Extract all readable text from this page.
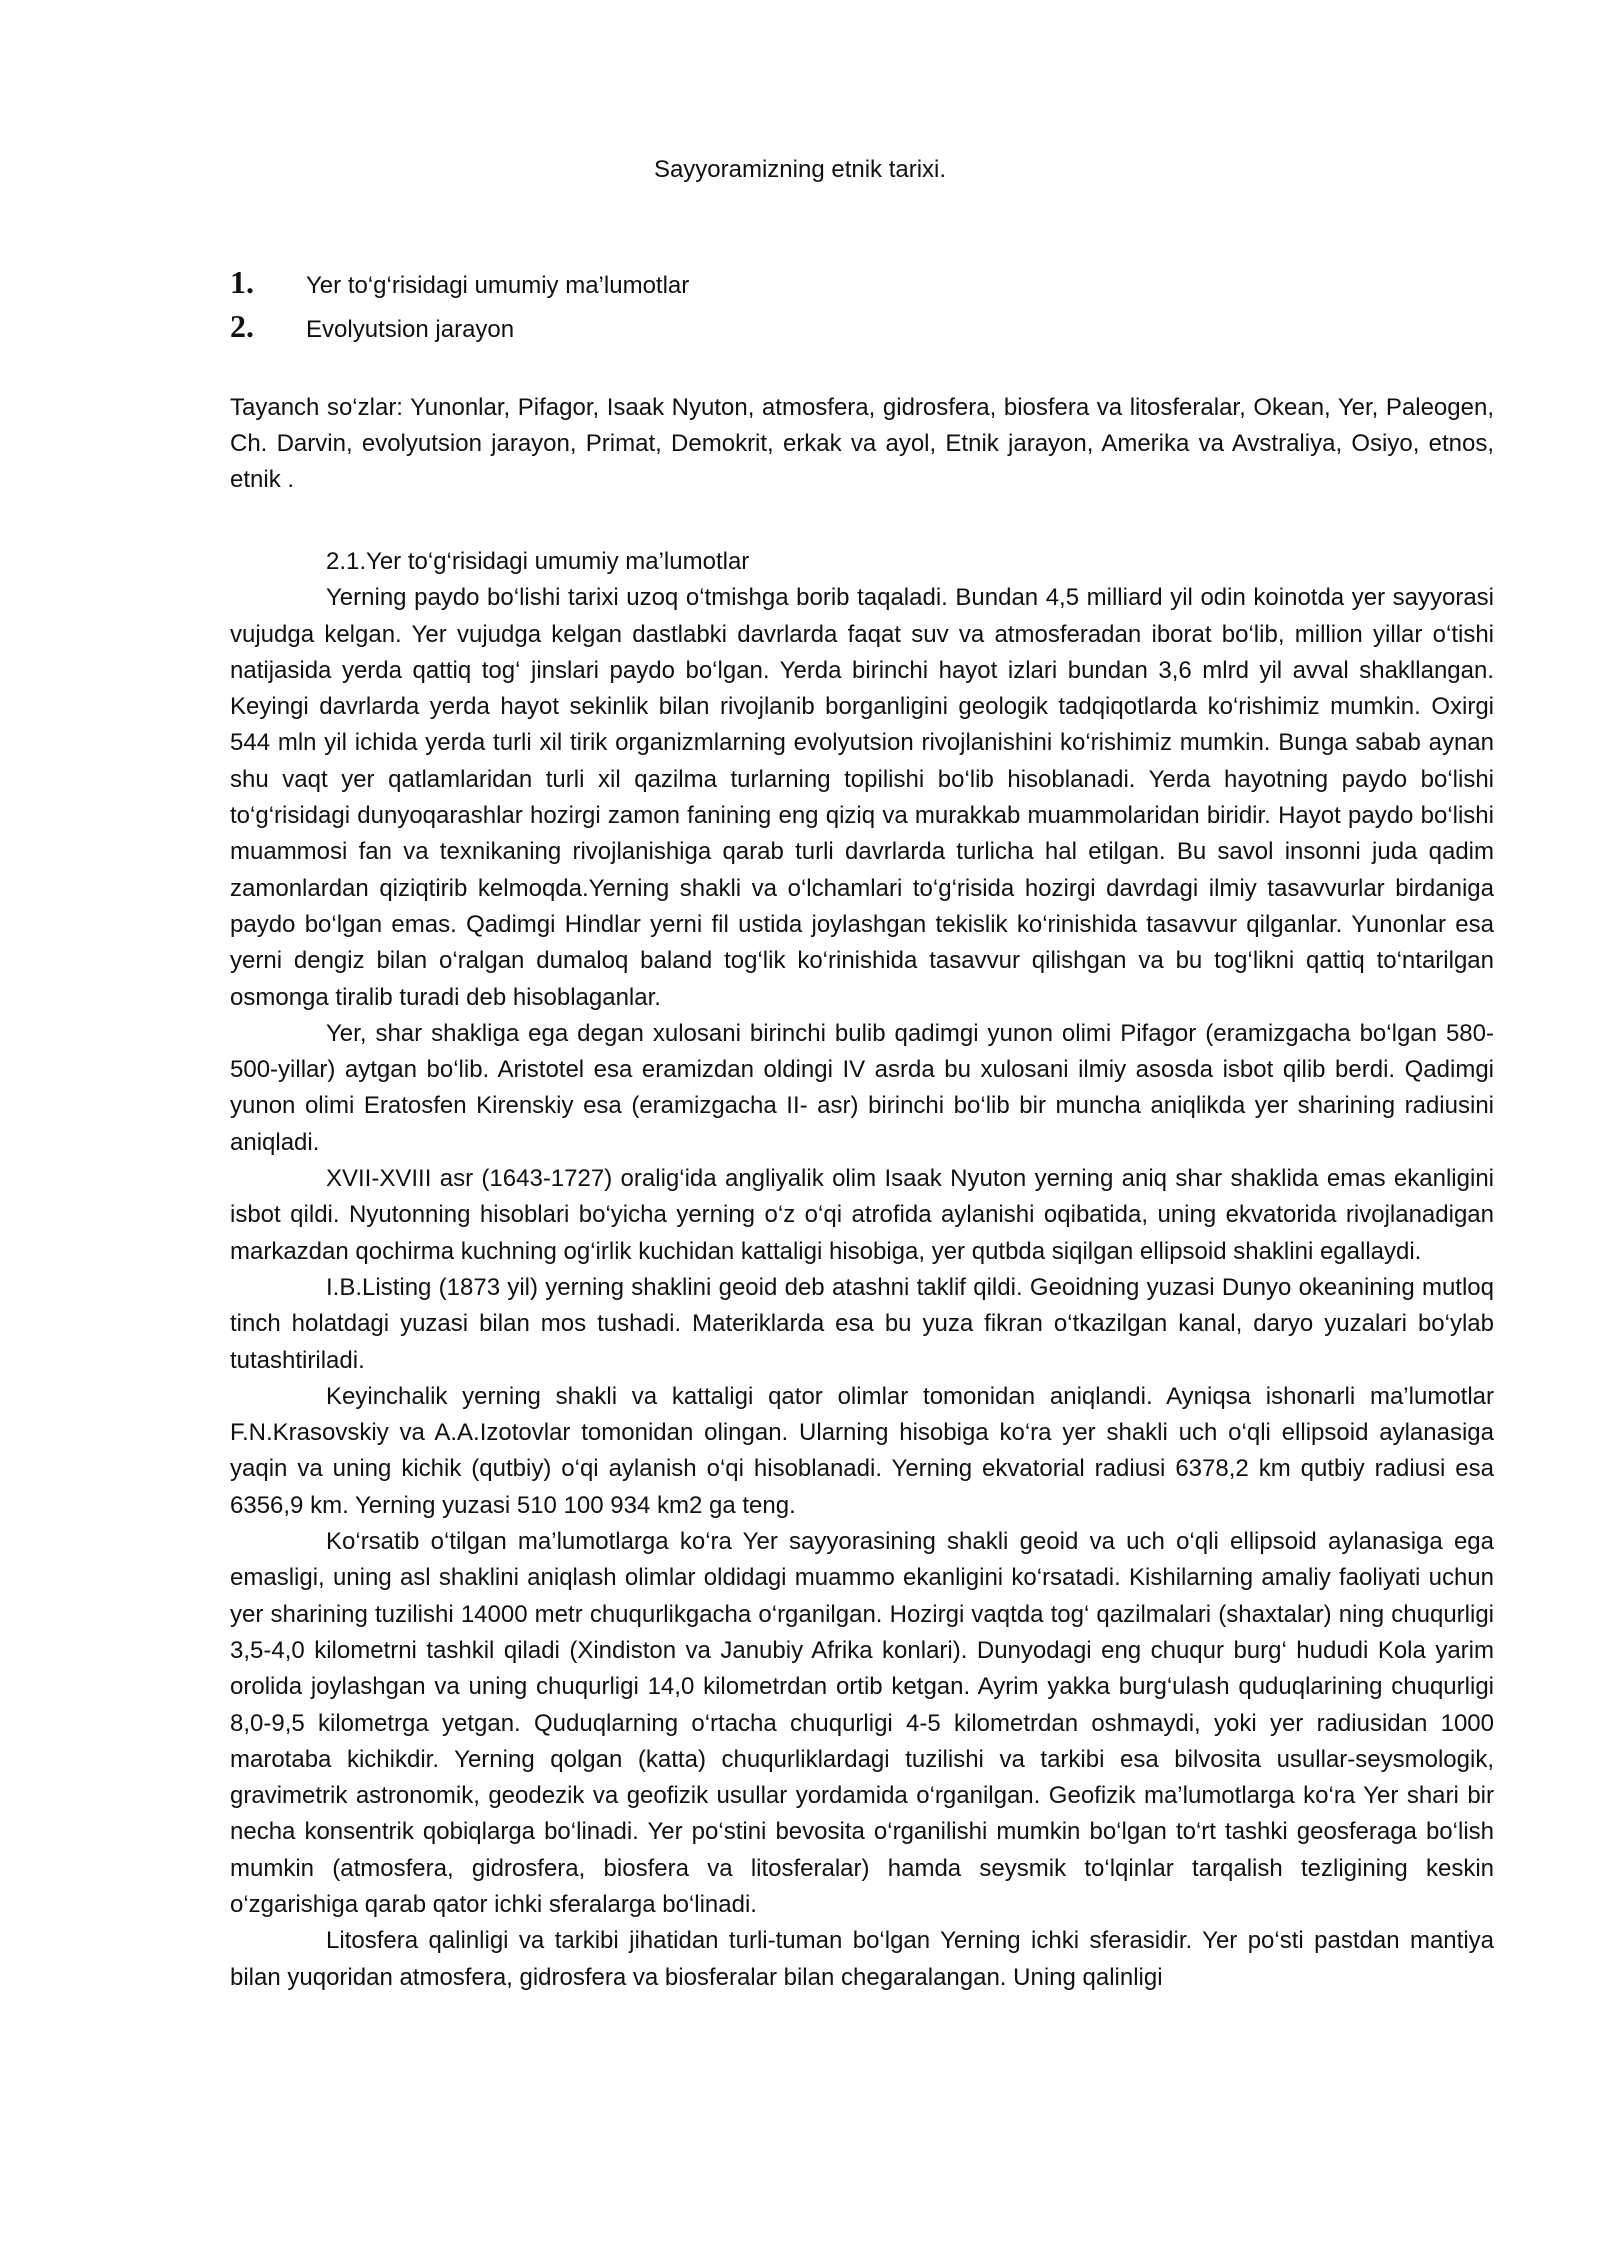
Sayyoramizning etnik tarixi.
1.	Yer to‘g‘risidagi umumiy ma’lumotlar
2.	Evolyutsion jarayon

Tayanch so‘zlar: Yunonlar, Pifagor, Isaak Nyuton, atmosfera, gidrosfera, biosfera va litosferalar, Okean, Yer, Paleogen, Ch. Darvin, evolyutsion jarayon, Primat, Demokrit, erkak va ayol, Etnik jarayon, Amerika va Avstraliya, Osiyo, etnos, etnik .

2.1.Yer to‘g‘risidagi umumiy ma’lumotlar

Yerning paydo bo‘lishi tarixi uzoq o‘tmishga borib taqaladi. Bundan 4,5 milliard yil odin koinotda yer sayyorasi vujudga kelgan. Yer vujudga kelgan dastlabki davrlarda faqat suv va atmosferadan iborat bo‘lib, million yillar o‘tishi natijasida yerda qattiq tog‘ jinslari paydo bo‘lgan. Yerda birinchi hayot izlari bundan 3,6 mlrd yil avval shakllangan. Keyingi davrlarda yerda hayot sekinlik bilan rivojlanib borganligini geologik tadqiqotlarda ko‘rishimiz mumkin. Oxirgi 544 mln yil ichida yerda turli xil tirik organizmlarning evolyutsion rivojlanishini ko‘rishimiz mumkin. Bunga sabab aynan shu vaqt yer qatlamlaridan turli xil qazilma turlarning topilishi bo‘lib hisoblanadi. Yerda hayotning paydo bo‘lishi to‘g‘risidagi dunyoqarashlar hozirgi zamon fanining eng qiziq va murakkab muammolaridan biridir. Hayot paydo bo‘lishi muammosi fan va texnikaning rivojlanishiga qarab turli davrlarda turlicha hal etilgan. Bu savol insonni juda qadim zamonlardan qiziqtirib kelmoqda.Yerning shakli va o‘lchamlari to‘g‘risida hozirgi davrdagi ilmiy tasavvurlar birdaniga paydo bo‘lgan emas. Qadimgi Hindlar yerni fil ustida joylashgan tekislik ko‘rinishida tasavvur qilganlar. Yunonlar esa yerni dengiz bilan o‘ralgan dumaloq baland tog‘lik ko‘rinishida tasavvur qilishgan va bu tog‘likni qattiq to‘ntarilgan osmonga tiralib turadi deb hisoblaganlar.

Yer, shar shakliga ega degan xulosani birinchi bulib qadimgi yunon olimi Pifagor (eramizgacha bo‘lgan 580-500-yillar) aytgan bo‘lib. Aristotel esa eramizdan oldingi IV asrda bu xulosani ilmiy asosda isbot qilib berdi. Qadimgi yunon olimi Eratosfen Kirenskiy esa (eramizgacha II- asr) birinchi bo‘lib bir muncha aniqlikda yer sharining radiusini aniqladi.

XVII-XVIII asr (1643-1727) oralig‘ida angliyalik olim Isaak Nyuton yerning aniq shar shaklida emas ekanligini isbot qildi. Nyutonning hisoblari bo‘yicha yerning o‘z o‘qi atrofida aylanishi oqibatida, uning ekvatorida rivojlanadigan markazdan qochirma kuchning og‘irlik kuchidan kattaligi hisobiga, yer qutbda siqilgan ellipsoid shaklini egallaydi.

I.B.Listing (1873 yil) yerning shaklini geoid deb atashni taklif qildi. Geoidning yuzasi Dunyo okeanining mutloq tinch holatdagi yuzasi bilan mos tushadi. Materiklarda esa bu yuza fikran o‘tkazilgan kanal, daryo yuzalari bo‘ylab tutashtiriladi.

Keyinchalik yerning shakli va kattaligi qator olimlar tomonidan aniqlandi. Ayniqsa ishonarli ma’lumotlar F.N.Krasovskiy va A.A.Izotovlar tomonidan olingan. Ularning hisobiga ko‘ra yer shakli uch o‘qli ellipsoid aylanasiga yaqin va uning kichik (qutbiy) o‘qi aylanish o‘qi hisoblanadi. Yerning ekvatorial radiusi 6378,2 km qutbiy radiusi esa 6356,9 km. Yerning yuzasi 510 100 934 km2 ga teng.

Ko‘rsatib o‘tilgan ma’lumotlarga ko‘ra Yer sayyorasining shakli geoid va uch o‘qli ellipsoid aylanasiga ega emasligi, uning asl shaklini aniqlash olimlar oldidagi muammo ekanligini ko‘rsatadi. Kishilarning amaliy faoliyati uchun yer sharining tuzilishi 14000 metr chuqurlikgacha o‘rganilgan. Hozirgi vaqtda tog‘ qazilmalari (shaxtalar) ning chuqurligi 3,5-4,0 kilometrni tashkil qiladi (Xindiston va Janubiy Afrika konlari). Dunyodagi eng chuqur burg‘ hududi Kola yarim orolida joylashgan va uning chuqurligi 14,0 kilometrdan ortib ketgan. Ayrim yakka burg‘ulash quduqlarining chuqurligi 8,0-9,5 kilometrga yetgan. Quduqlarning o‘rtacha chuqurligi 4-5 kilometrdan oshmaydi, yoki yer radiusidan 1000 marotaba kichikdir. Yerning qolgan (katta) chuqurliklardagi tuzilishi va tarkibi esa bilvosita usullar-seysmologik, gravimetrik astronomik, geodezik va geofizik usullar yordamida o‘rganilgan. Geofizik ma’lumotlarga ko‘ra Yer shari bir necha konsentrik qobiqlarga bo‘linadi. Yer po‘stini bevosita o‘rganilishi mumkin bo‘lgan to‘rt tashki geosferaga bo‘lish mumkin (atmosfera, gidrosfera, biosfera va litosferalar) hamda seysmik to‘lqinlar tarqalish tezligining keskin o‘zgarishiga qarab qator ichki sferalarga bo‘linadi.

Litosfera qalinligi va tarkibi jihatidan turli-tuman bo‘lgan Yerning ichki sferasidir. Yer po‘sti pastdan mantiya bilan yuqoridan atmosfera, gidrosfera va biosferalar bilan chegaralangan. Uning qalinligi
